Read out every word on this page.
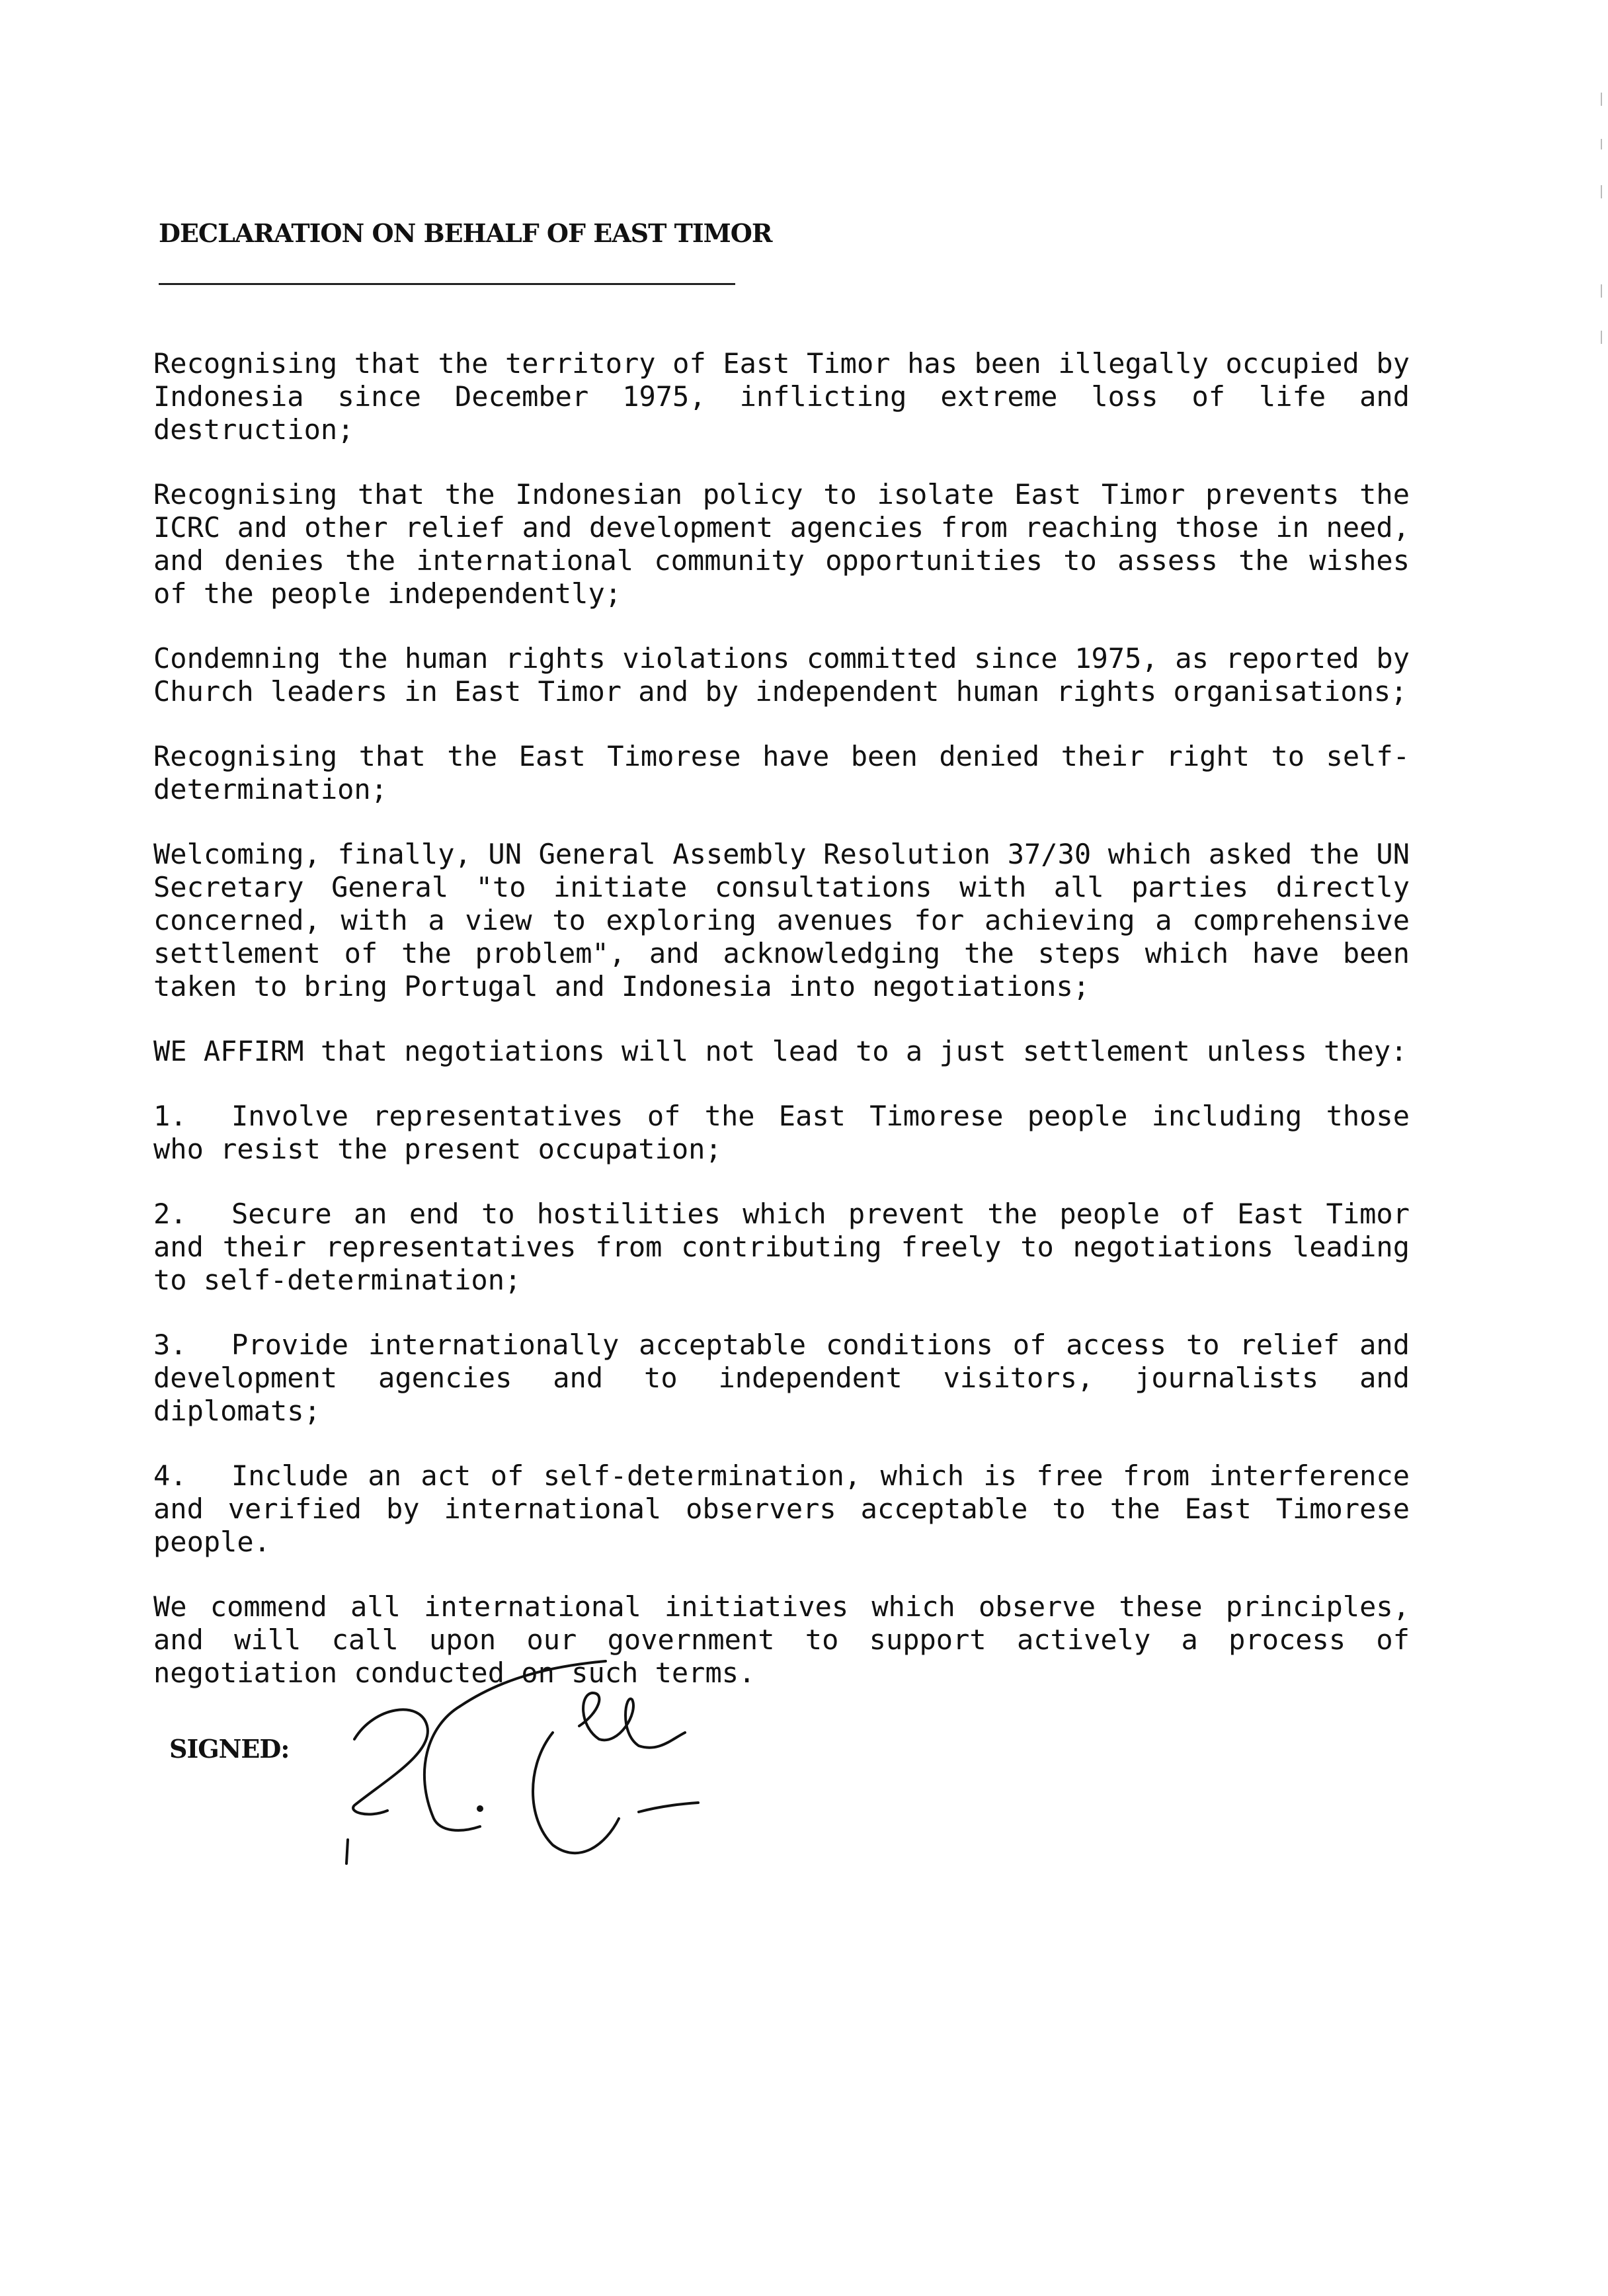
DECLARATION ON BEHALF OF EAST TIMOR

Recognising that the territory of East Timor has been illegally occupied by Indonesia since December 1975, inflicting extreme loss of life and destruction;

Recognising that the Indonesian policy to isolate East Timor prevents the ICRC and other relief and development agencies from reaching those in need, and denies the international community opportunities to assess the wishes of the people independently;

Condemning the human rights violations committed since 1975, as reported by Church leaders in East Timor and by independent human rights organisations;

Recognising that the East Timorese have been denied their right to self-determination;

Welcoming, finally, UN General Assembly Resolution 37/30 which asked the UN Secretary General "to initiate consultations with all parties directly concerned, with a view to exploring avenues for achieving a comprehensive settlement of the problem", and acknowledging the steps which have been taken to bring Portugal and Indonesia into negotiations;

WE AFFIRM that negotiations will not lead to a just settlement unless they:

1. Involve representatives of the East Timorese people including those who resist the present occupation;

2. Secure an end to hostilities which prevent the people of East Timor and their representatives from contributing freely to negotiations leading to self-determination;

3. Provide internationally acceptable conditions of access to relief and development agencies and to independent visitors, journalists and diplomats;

4. Include an act of self-determination, which is free from interference and verified by international observers acceptable to the East Timorese people.

We commend all international initiatives which observe these principles, and will call upon our government to support actively a process of negotiation conducted on such terms.

SIGNED:
